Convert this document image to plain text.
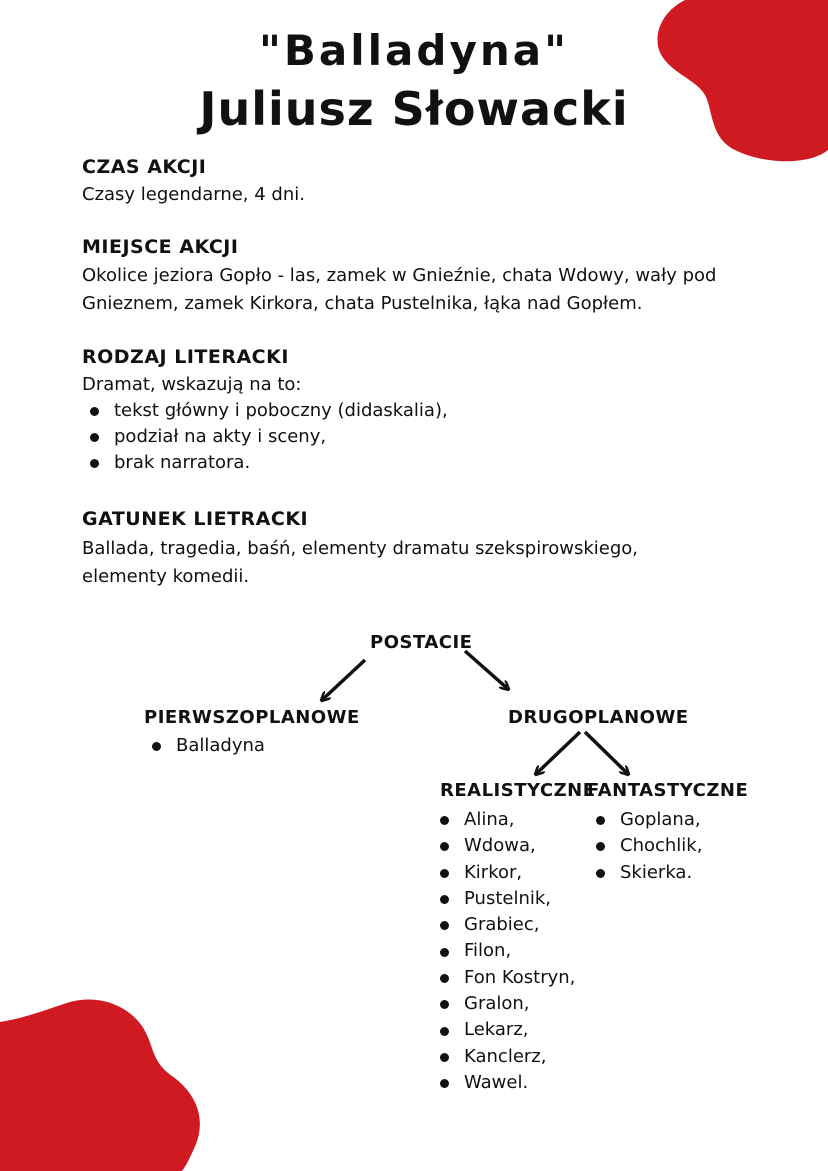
"Balladyna"
Juliusz Słowacki
CZAS AKCJI
Czasy legendarne, 4 dni.
MIEJSCE AKCJI
Okolice jeziora Gopło - las, zamek w Gnieźnie, chata Wdowy, wały pod
Gnieznem, zamek Kirkora, chata Pustelnika, łąka nad Gopłem.
RODZAJ LITERACKI
Dramat, wskazują na to:
tekst główny i poboczny (didaskalia),
podział na akty i sceny,
brak narratora.
GATUNEK LIETRACKI
Ballada, tragedia, baśń, elementy dramatu szekspirowskiego,
elementy komedii.
POSTACIE
PIERWSZOPLANOWE	DRUGOPLANOWE
REALISTYCZNE
FANTASTYCZNE
Balladyna
Alina,
Wdowa,
Kirkor,
Pustelnik,
Grabiec,
Filon,
Fon Kostryn,
Gralon,
Lekarz,
Kanclerz,
Wawel.
Goplana,
Chochlik,
Skierka.
